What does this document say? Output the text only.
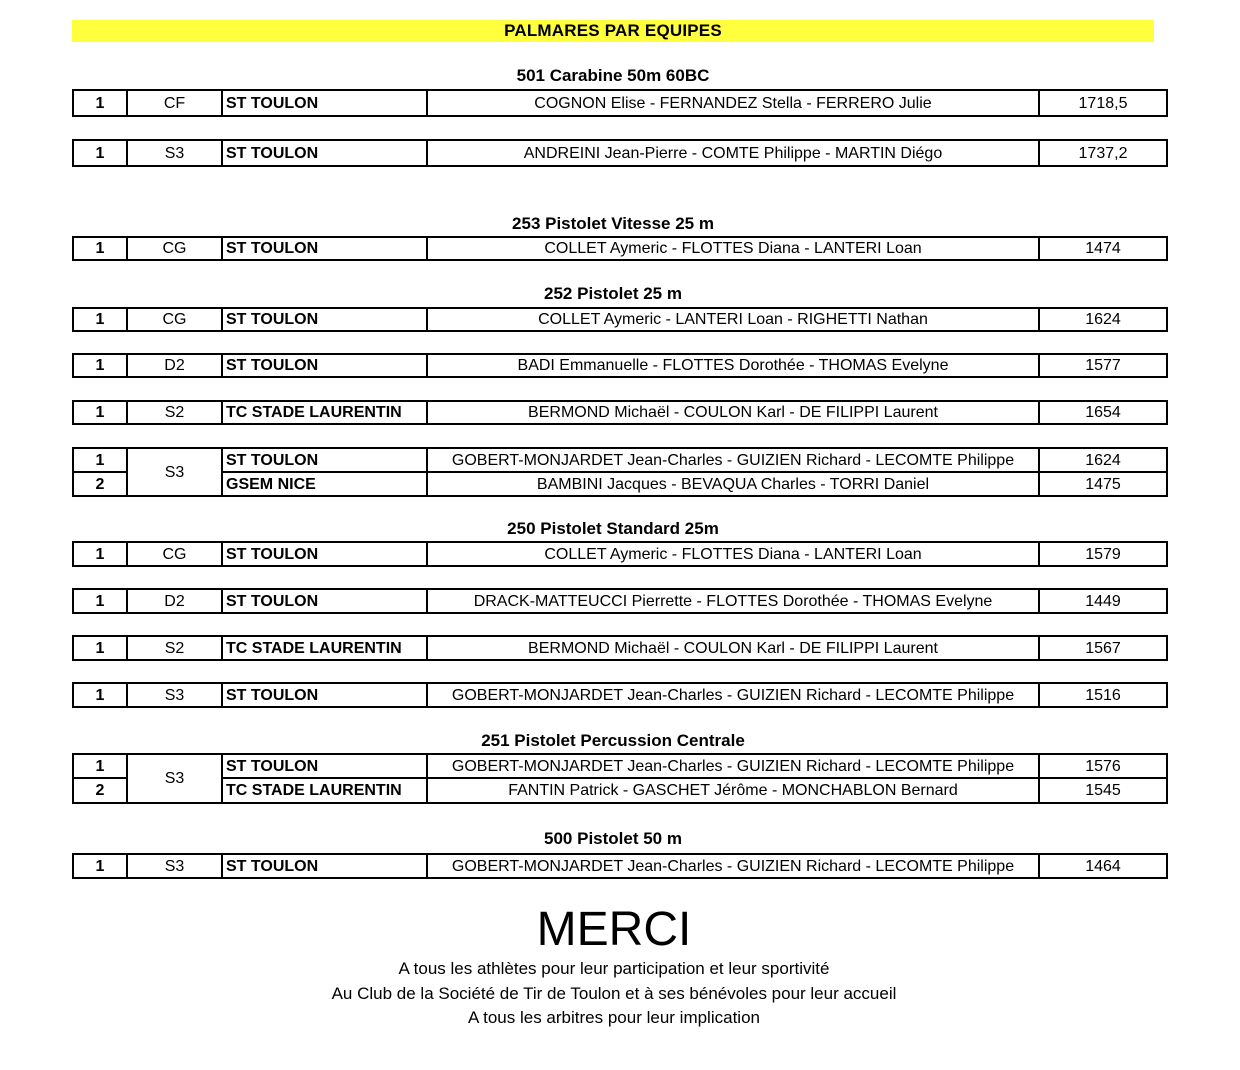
PALMARES PAR EQUIPES
501 Carabine 50m 60BC
1	CF	ST TOULON	COGNON Elise - FERNANDEZ Stella - FERRERO Julie	1718,5
1	S3	ST TOULON	ANDREINI Jean-Pierre - COMTE Philippe - MARTIN Diégo	1737,2
253 Pistolet Vitesse 25 m
1	CG	ST TOULON	COLLET Aymeric - FLOTTES Diana - LANTERI Loan	1474
252 Pistolet 25 m
1	CG	ST TOULON	COLLET Aymeric - LANTERI Loan - RIGHETTI Nathan	1624
1	D2	ST TOULON	BADI Emmanuelle - FLOTTES Dorothée - THOMAS Evelyne	1577
1	S2	TC STADE LAURENTIN	BERMOND Michaël - COULON Karl - DE FILIPPI Laurent	1654
1	S3	ST TOULON	GOBERT-MONJARDET Jean-Charles - GUIZIEN Richard - LECOMTE Philippe	1624
2		GSEM NICE	BAMBINI Jacques - BEVAQUA Charles - TORRI Daniel	1475
250 Pistolet Standard 25m
1	CG	ST TOULON	COLLET Aymeric - FLOTTES Diana - LANTERI Loan	1579
1	D2	ST TOULON	DRACK-MATTEUCCI Pierrette - FLOTTES Dorothée - THOMAS Evelyne	1449
1	S2	TC STADE LAURENTIN	BERMOND Michaël - COULON Karl - DE FILIPPI Laurent	1567
1	S3	ST TOULON	GOBERT-MONJARDET Jean-Charles - GUIZIEN Richard - LECOMTE Philippe	1516
251 Pistolet Percussion Centrale
1	S3	ST TOULON	GOBERT-MONJARDET Jean-Charles - GUIZIEN Richard - LECOMTE Philippe	1576
2		TC STADE LAURENTIN	FANTIN Patrick - GASCHET Jérôme - MONCHABLON Bernard	1545
500 Pistolet 50 m
1	S3	ST TOULON	GOBERT-MONJARDET Jean-Charles - GUIZIEN Richard - LECOMTE Philippe	1464
MERCI
A tous les athlètes pour leur participation et leur sportivité
Au Club de la Société de Tir de Toulon et à ses bénévoles pour leur accueil
A tous les arbitres pour leur implication
